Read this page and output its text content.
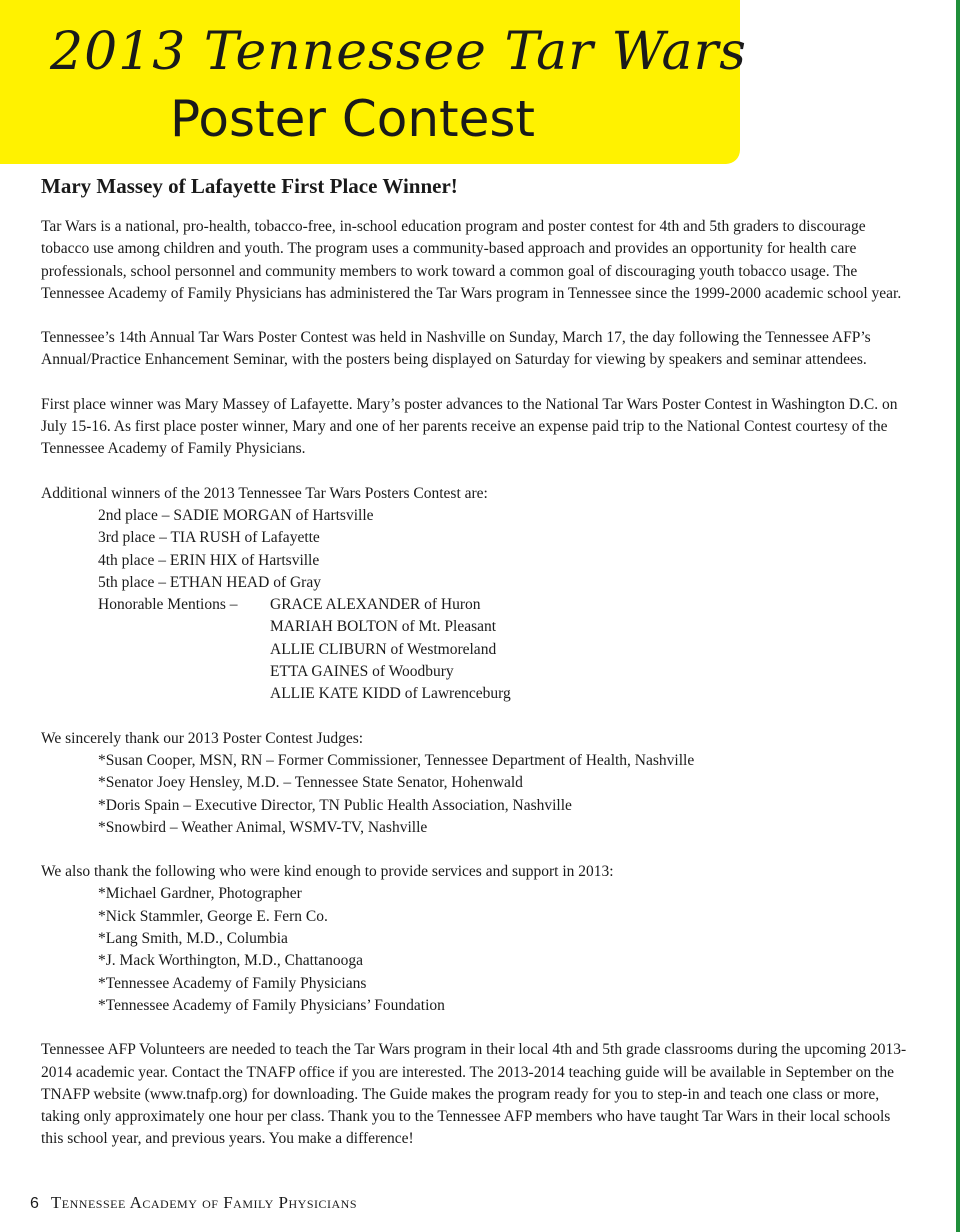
2013 Tennessee Tar Wars
Poster Contest
Mary Massey of Lafayette First Place Winner!

Tar Wars is a national, pro-health, tobacco-free, in-school education program and poster contest for 4th and 5th graders to discourage tobacco use among children and youth. The program uses a community-based approach and provides an opportunity for health care professionals, school personnel and community members to work toward a common goal of discouraging youth tobacco usage. The Tennessee Academy of Family Physicians has administered the Tar Wars program in Tennessee since the 1999-2000 academic school year.

Tennessee’s 14th Annual Tar Wars Poster Contest was held in Nashville on Sunday, March 17, the day following the Tennessee AFP’s Annual/Practice Enhancement Seminar, with the posters being displayed on Saturday for viewing by speakers and seminar attendees.

First place winner was Mary Massey of Lafayette. Mary’s poster advances to the National Tar Wars Poster Contest in Washington D.C. on July 15-16. As first place poster winner, Mary and one of her parents receive an expense paid trip to the National Contest courtesy of the Tennessee Academy of Family Physicians.

Additional winners of the 2013 Tennessee Tar Wars Posters Contest are:
2nd place – SADIE MORGAN of Hartsville
3rd place – TIA RUSH of Lafayette
4th place – ERIN HIX of Hartsville
5th place – ETHAN HEAD of Gray
Honorable Mentions –	GRACE ALEXANDER of Huron
MARIAH BOLTON of Mt. Pleasant
ALLIE CLIBURN of Westmoreland
ETTA GAINES of Woodbury
ALLIE KATE KIDD of Lawrenceburg
We sincerely thank our 2013 Poster Contest Judges:
*Susan Cooper, MSN, RN – Former Commissioner, Tennessee Department of Health, Nashville
*Senator Joey Hensley, M.D. – Tennessee State Senator, Hohenwald
*Doris Spain – Executive Director, TN Public Health Association, Nashville
*Snowbird – Weather Animal, WSMV-TV, Nashville
We also thank the following who were kind enough to provide services and support in 2013:
*Michael Gardner, Photographer
*Nick Stammler, George E. Fern Co.
*Lang Smith, M.D., Columbia
*J. Mack Worthington, M.D., Chattanooga
*Tennessee Academy of Family Physicians
*Tennessee Academy of Family Physicians’ Foundation

Tennessee AFP Volunteers are needed to teach the Tar Wars program in their local 4th and 5th grade classrooms during the upcoming 2013-2014 academic year. Contact the TNAFP office if you are interested. The 2013-2014 teaching guide will be available in September on the TNAFP website (www.tnafp.org) for downloading. The Guide makes the program ready for you to step-in and teach one class or more, taking only approximately one hour per class. Thank you to the Tennessee AFP members who have taught Tar Wars in their local schools this school year, and previous years. You make a difference!

6 Tennessee Academy of Family Physicians
